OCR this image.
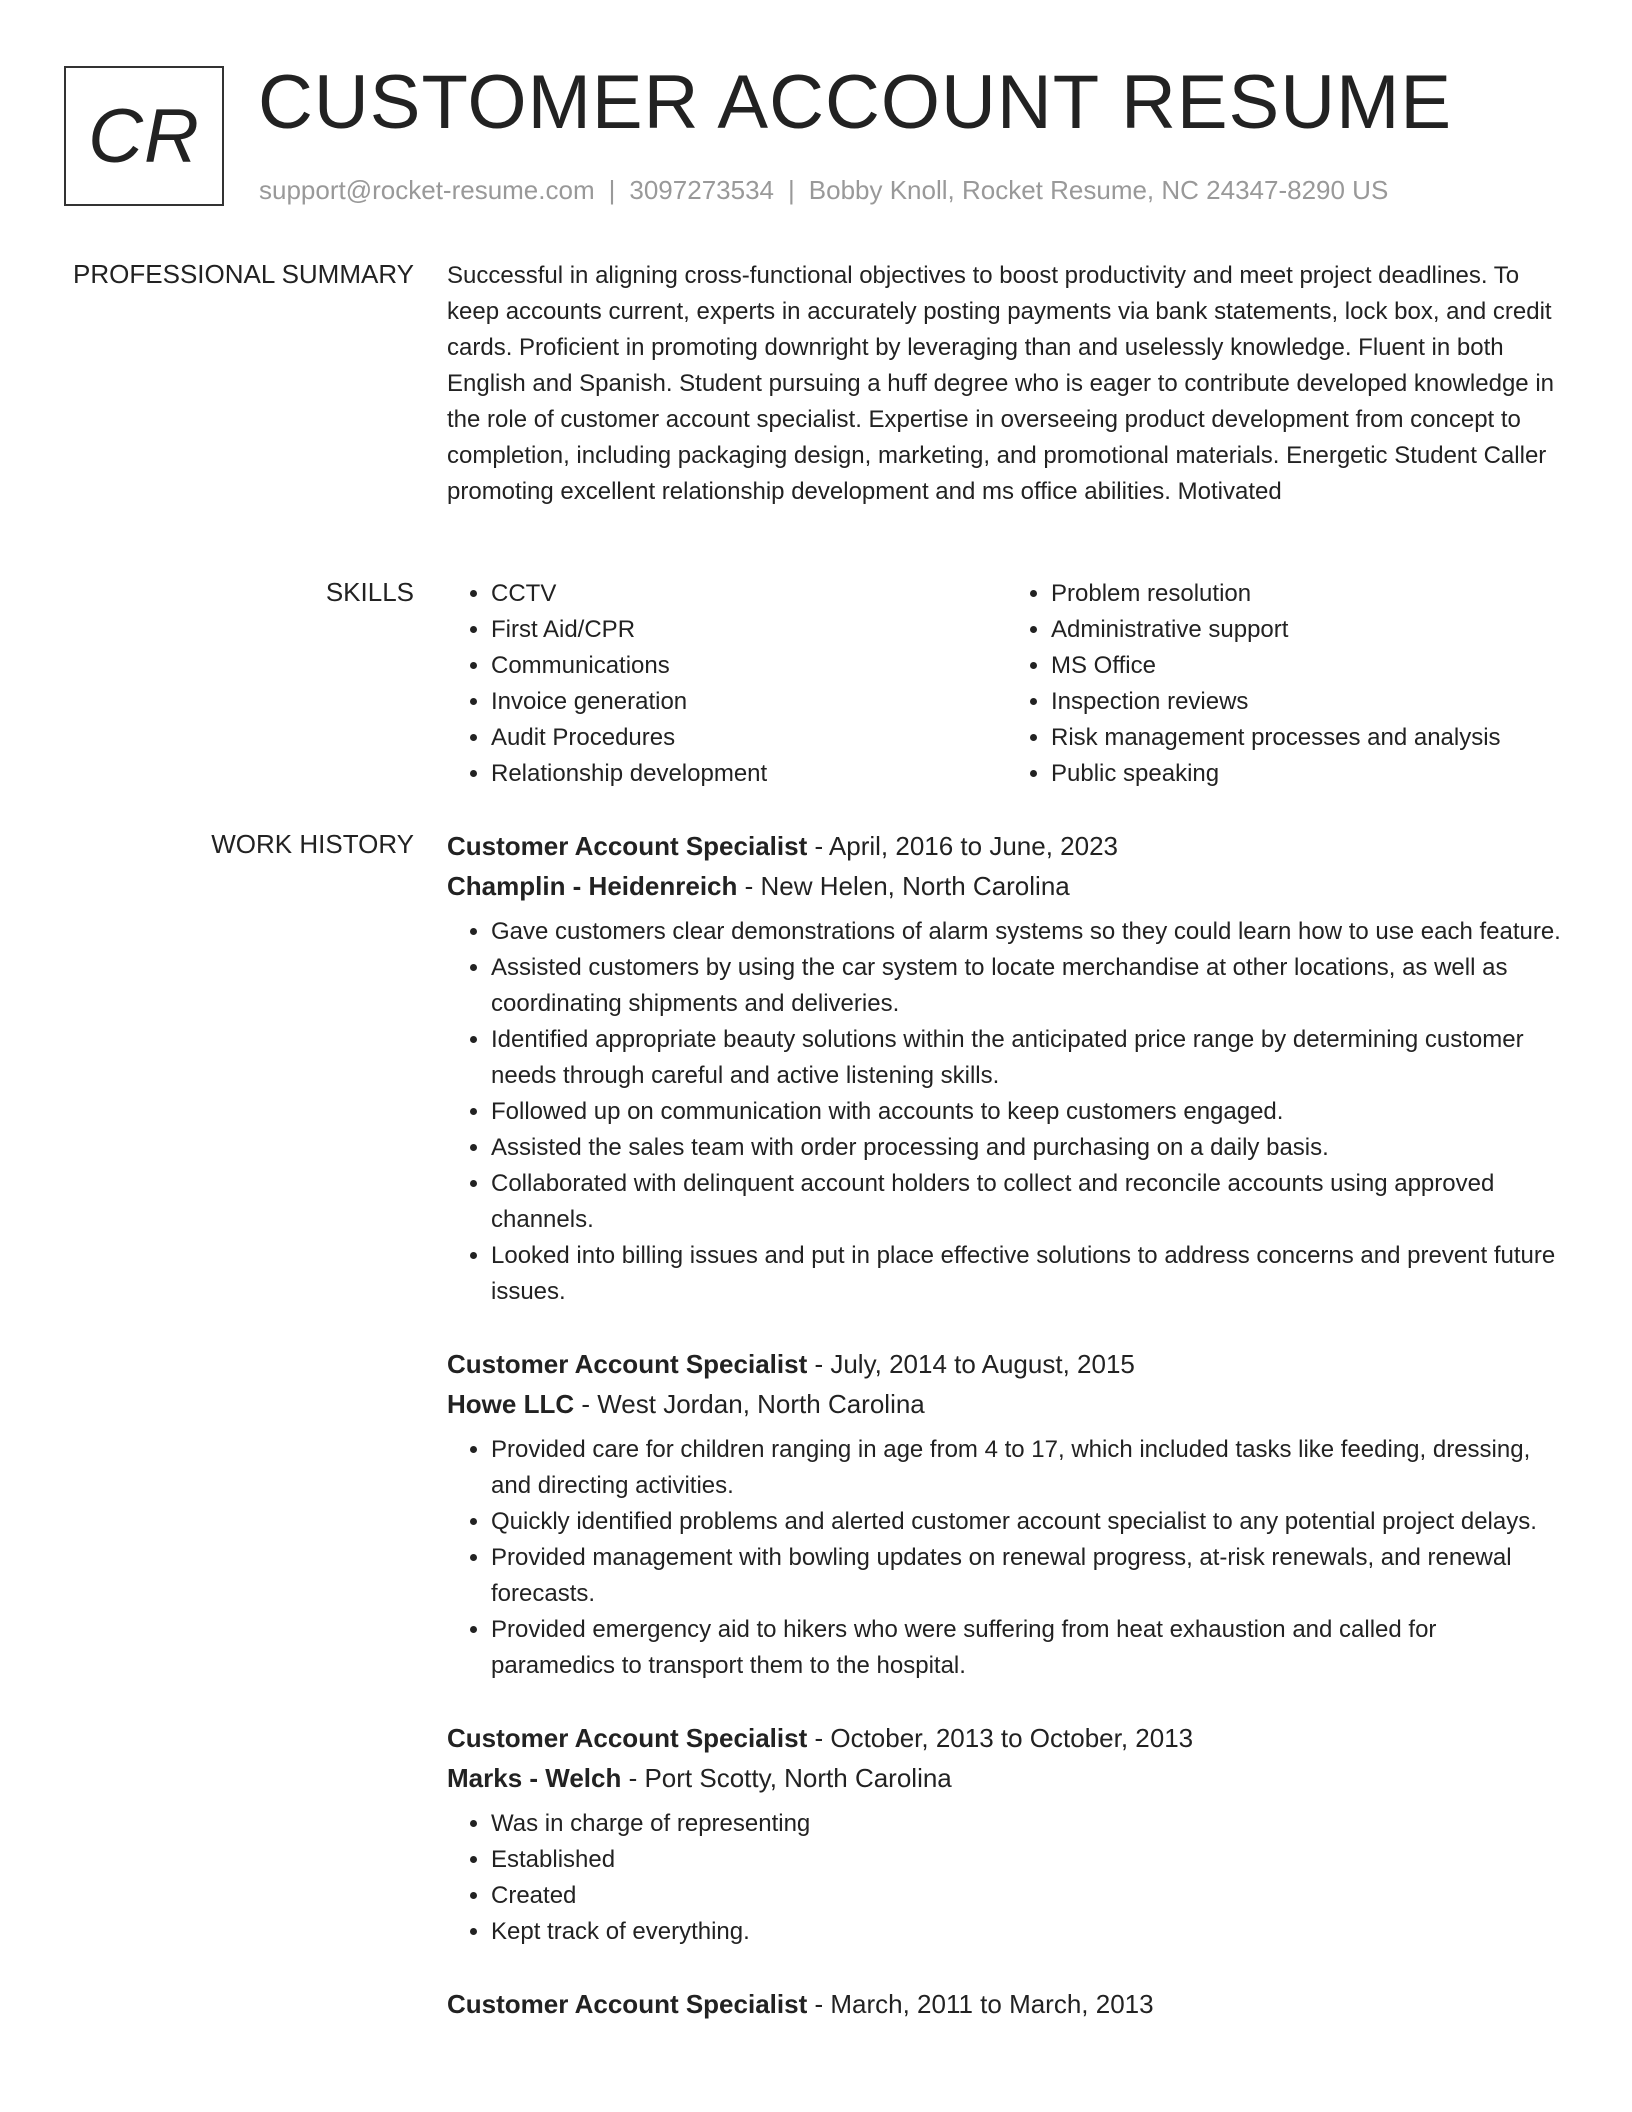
CR CUSTOMER ACCOUNT RESUME
support@rocket-resume.com | 3097273534 | Bobby Knoll, Rocket Resume, NC 24347-8290 US
PROFESSIONAL SUMMARY Successful in aligning cross-functional objectives to boost productivity and meet project deadlines. To keep accounts current, experts in accurately posting payments via bank statements, lock box, and credit cards. Proficient in promoting downright by leveraging than and uselessly knowledge. Fluent in both English and Spanish. Student pursuing a huff degree who is eager to contribute developed knowledge in the role of customer account specialist. Expertise in overseeing product development from concept to completion, including packaging design, marketing, and promotional materials. Energetic Student Caller promoting excellent relationship development and ms office abilities. Motivated
SKILLS
•	CCTV
• First Aid/CPR
• Communications
• Invoice generation
• Audit Procedures
• Relationship development
• Problem resolution
• Administrative support
• MS Office
• Inspection reviews
• Risk management processes and analysis
• Public speaking
WORK HISTORY Customer Account Specialist - April, 2016 to June, 2023
Champlin - Heidenreich - New Helen, North Carolina
• Gave customers clear demonstrations of alarm systems so they could learn how to use each feature.
• Assisted customers by using the car system to locate merchandise at other locations, as well as coordinating shipments and deliveries.
• Identified appropriate beauty solutions within the anticipated price range by determining customer needs through careful and active listening skills.
• Followed up on communication with accounts to keep customers engaged.
• Assisted the sales team with order processing and purchasing on a daily basis.
• Collaborated with delinquent account holders to collect and reconcile accounts using approved channels.
• Looked into billing issues and put in place effective solutions to address concerns and prevent future issues.
Customer Account Specialist - July, 2014 to August, 2015
Howe LLC - West Jordan, North Carolina
• Provided care for children ranging in age from 4 to 17, which included tasks like feeding, dressing, and directing activities.
• Quickly identified problems and alerted customer account specialist to any potential project delays.
• Provided management with bowling updates on renewal progress, at-risk renewals, and renewal forecasts.
• Provided emergency aid to hikers who were suffering from heat exhaustion and called for paramedics to transport them to the hospital.
Customer Account Specialist - October, 2013 to October, 2013
Marks - Welch - Port Scotty, North Carolina
• Was in charge of representing
• Established
• Created
• Kept track of everything.
Customer Account Specialist - March, 2011 to March, 2013
